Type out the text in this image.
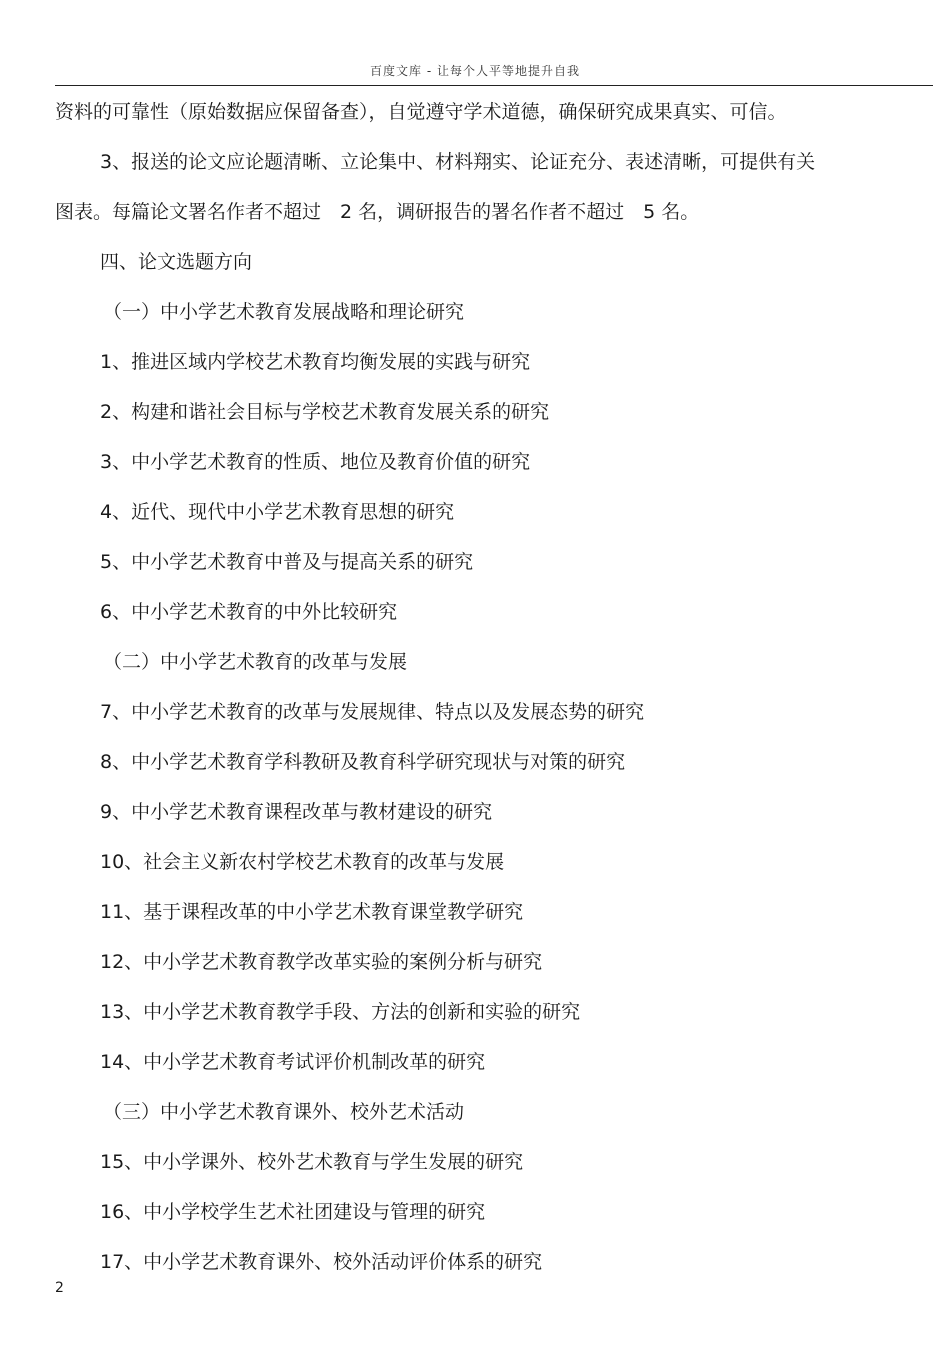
百度文库 - 让每个人平等地提升自我
资料的可靠性（原始数据应保留备查），自觉遵守学术道德，确保研究成果真实、可信。
3、报送的论文应论题清晰、立论集中、材料翔实、论证充分、表述清晰，可提供有关
图表。每篇论文署名作者不超过　2 名，调研报告的署名作者不超过　5 名。
四、论文选题方向
（一）中小学艺术教育发展战略和理论研究
1、推进区域内学校艺术教育均衡发展的实践与研究
2、构建和谐社会目标与学校艺术教育发展关系的研究
3、中小学艺术教育的性质、地位及教育价值的研究
4、近代、现代中小学艺术教育思想的研究
5、中小学艺术教育中普及与提高关系的研究
6、中小学艺术教育的中外比较研究
（二）中小学艺术教育的改革与发展
7、中小学艺术教育的改革与发展规律、特点以及发展态势的研究
8、中小学艺术教育学科教研及教育科学研究现状与对策的研究
9、中小学艺术教育课程改革与教材建设的研究
10、社会主义新农村学校艺术教育的改革与发展
11、基于课程改革的中小学艺术教育课堂教学研究
12、中小学艺术教育教学改革实验的案例分析与研究
13、中小学艺术教育教学手段、方法的创新和实验的研究
14、中小学艺术教育考试评价机制改革的研究
（三）中小学艺术教育课外、校外艺术活动
15、中小学课外、校外艺术教育与学生发展的研究
16、中小学校学生艺术社团建设与管理的研究
17、中小学艺术教育课外、校外活动评价体系的研究
2
